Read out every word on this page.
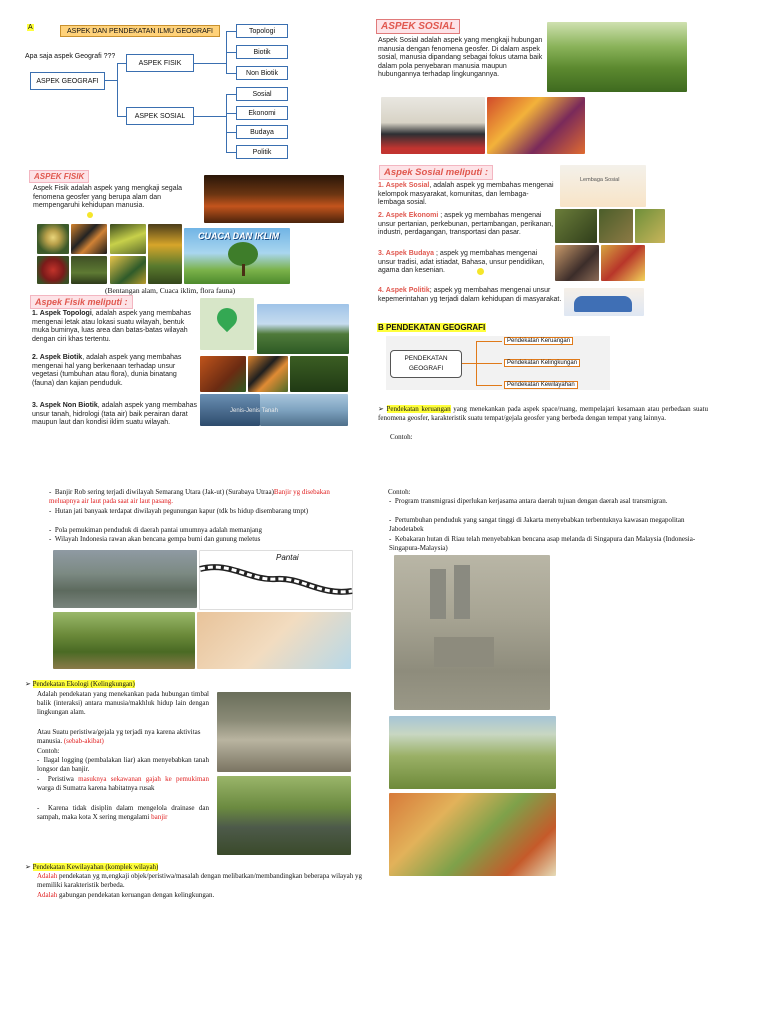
A	ASPEK DAN PENDEKATAN ILMU GEOGRAFI
Apa saja aspek Geografi ???
ASPEK GEOGRAFI
ASPEK FISIK
ASPEK SOSIAL
Topologi
Biotik
Non Biotik
Sosial
Ekonomi
Budaya
Politik
ASPEK FISIK
Aspek Fisik adalah aspek yang mengkaji segala fenomena geosfer yang berupa alam dan mempengaruhi kehidupan manusia.
CUACA DAN IKLIM
(Bentangan alam, Cuaca iklim, flora fauna)
Aspek Fisik meliputi :
1. Aspek Topologi, adalah aspek yang membahas mengenai letak atau lokasi suatu wilayah, bentuk muka buminya, luas area dan batas-batas wilayah dengan ciri khas tertentu.
2. Aspek Biotik, adalah aspek yang membahas mengenai hal yang berkenaan terhadap unsur vegetasi (tumbuhan atau flora), dunia binatang (fauna) dan kajian penduduk.
3. Aspek Non Biotik, adalah aspek yang membahas unsur tanah, hidrologi (tata air) baik perairan darat maupun laut dan kondisi iklim suatu wilayah.
Jenis-Jenis Tanah
ASPEK SOSIAL
Aspek Sosial adalah aspek yang mengkaji hubungan manusia dengan fenomena geosfer. Di dalam aspek sosial, manusia dipandang sebagai fokus utama baik dalam pola penyebaran manusia maupun hubungannya terhadap lingkungannya.
Aspek Sosial meliputi :
1. Aspek Sosial, adalah aspek yg membahas mengenai kelompok masyarakat, komunitas, dan lembaga-lembaga sosial.
2. Aspek Ekonomi ; aspek yg membahas mengenai unsur pertanian, perkebunan, pertambangan, perikanan, industri, perdagangan, transportasi dan pasar.
3. Aspek Budaya ; aspek yg membahas mengenai unsur tradisi, adat istiadat, Bahasa, unsur pendidikan, agama dan kesenian.
4. Aspek Politik; aspek yg membahas mengenai unsur kepemerintahan yg terjadi dalam kehidupan di masyarakat.
Lembaga Sosial
B PENDEKATAN GEOGRAFI
PENDEKATAN GEOGRAFI
Pendekatan Keruangan
Pendekatan Kelingkungan
Pendekatan Kewilayahan
➢ Pendekatan keruangan yang menekankan pada aspek space/ruang, mempelajari kesamaan atau perbedaan suatu fenomena geosfer, karakteristik suatu tempat/gejala geosfer yang berbeda dengan tempat yang lainnya.
Contoh:
-  Banjir Rob sering terjadi diwilayah Semarang Utara (Jak-ut) (Surabaya Utraa)Banjir yg disebakan meluapnya air laut pada saat air laut pasang.
-  Hutan jati banyaak terdapat diwilayah pegunungan kapur (tdk bs hidup disembarang tmpt)
-  Pola pemukiman penduduk di daerah pantai umumnya adalah memanjang
-  Wilayah Indonesia rawan akan bencana gempa bumi dan gunung meletus
Pantai
Contoh:
-  Program transmigrasi diperlukan kerjasama antara daerah tujuan dengan daerah asal transmigran.
-  Pertumbuhan penduduk yang sangat tinggi di Jakarta menyebabkan terbentuknya kawasan megapolitan Jabodetabek
-  Kebakaran hutan di Riau telah menyebabkan bencana asap melanda di Singapura dan Malaysia (Indonesia-Singapura-Malaysia)
➢ Pendekatan Ekologi (Kelingkungan)
Adalah pendekatan yang menekankan pada hubungan timbal balik (interaksi) antara manusia/makhluk hidup lain dengan lingkungan alam.
Atau Suatu peristiwa/gejala yg terjadi nya karena aktivitas manusia. (sebab-akibat)
Contoh:
-  Ilagal logging (pembalakan liar) akan menyebabkan tanah longsor dan banjir.
-  Peristiwa masuknya sekawanan gajah ke pemukiman warga di Sumatra karena habitatnya rusak
-  Karena tidak disiplin dalam mengelola drainase dan sampah, maka kota X sering mengalami banjir
➢ Pendekatan Kewilayahan (komplek wilayah)
Adalah pendekatan yg m,engkaji objek/peristiwa/masalah dengan melibatkan/membandingkan beberapa wilayah yg memiliki karakteristik berbeda.
Adalah gabungan pendekatan keruangan dengan kelingkungan.
